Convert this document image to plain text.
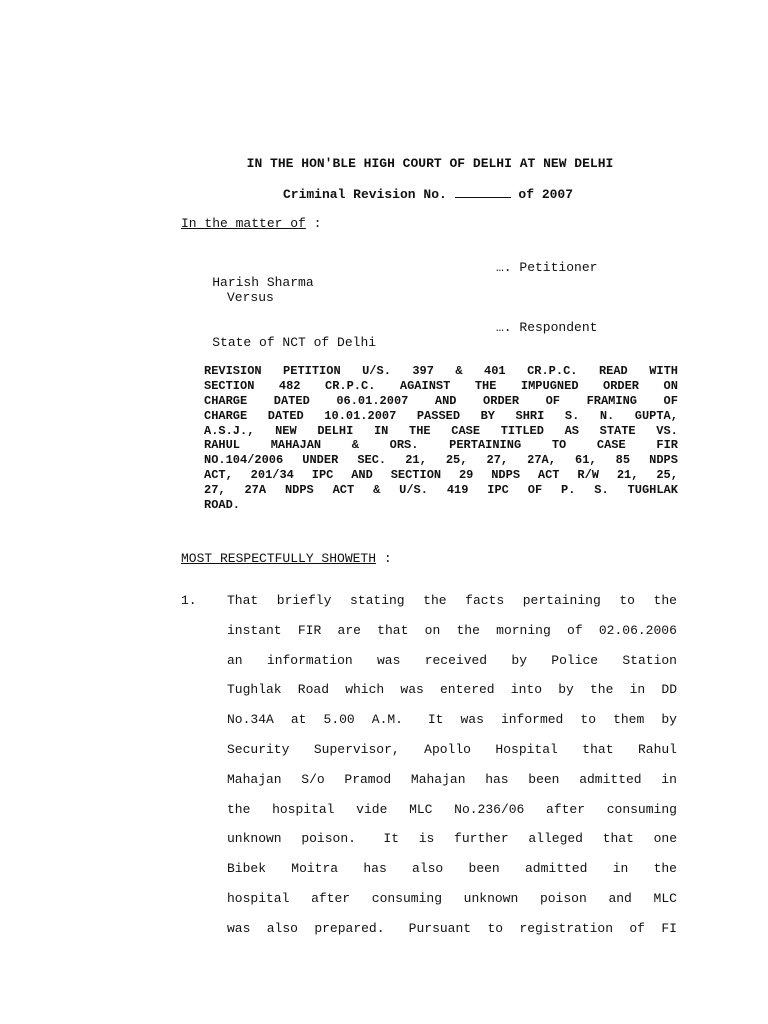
IN THE HON'BLE HIGH COURT OF DELHI AT NEW DELHI
Criminal Revision No.	of 2007
In the matter of :

Harish Sharma

…. Petitioner

Versus

State of NCT of Delhi

…. Respondent

REVISION PETITION U/S. 397 & 401 CR.P.C. READ WITH
SECTION 482 CR.P.C. AGAINST THE IMPUGNED ORDER ON
CHARGE DATED 06.01.2007 AND ORDER OF FRAMING OF
CHARGE DATED 10.01.2007 PASSED BY SHRI S. N. GUPTA,
A.S.J., NEW DELHI IN THE CASE TITLED AS STATE VS.
RAHUL	MAHAJAN	&	ORS.	PERTAINING	TO	CASE	FIR
NO.104/2006 UNDER SEC. 21, 25, 27, 27A, 61, 85 NDPS
ACT, 201/34 IPC AND SECTION 29 NDPS ACT R/W 21, 25,
27, 27A NDPS ACT & U/S. 419 IPC OF P. S. TUGHLAK
ROAD.
MOST RESPECTFULLY SHOWETH :
1. That briefly stating the facts pertaining to the
instant FIR are that on the morning of 02.06.2006
an information was received by Police Station
Tughlak Road which was entered into by the in DD
No.34A at 5.00 A.M. It was informed to them by
Security Supervisor, Apollo Hospital that Rahul
Mahajan S/o Pramod Mahajan has been admitted in
the hospital vide MLC No.236/06 after consuming
unknown poison. It is further alleged that one
Bibek Moitra has also been admitted in the
hospital after consuming unknown poison and MLC
was also prepared. Pursuant to registration of FI
